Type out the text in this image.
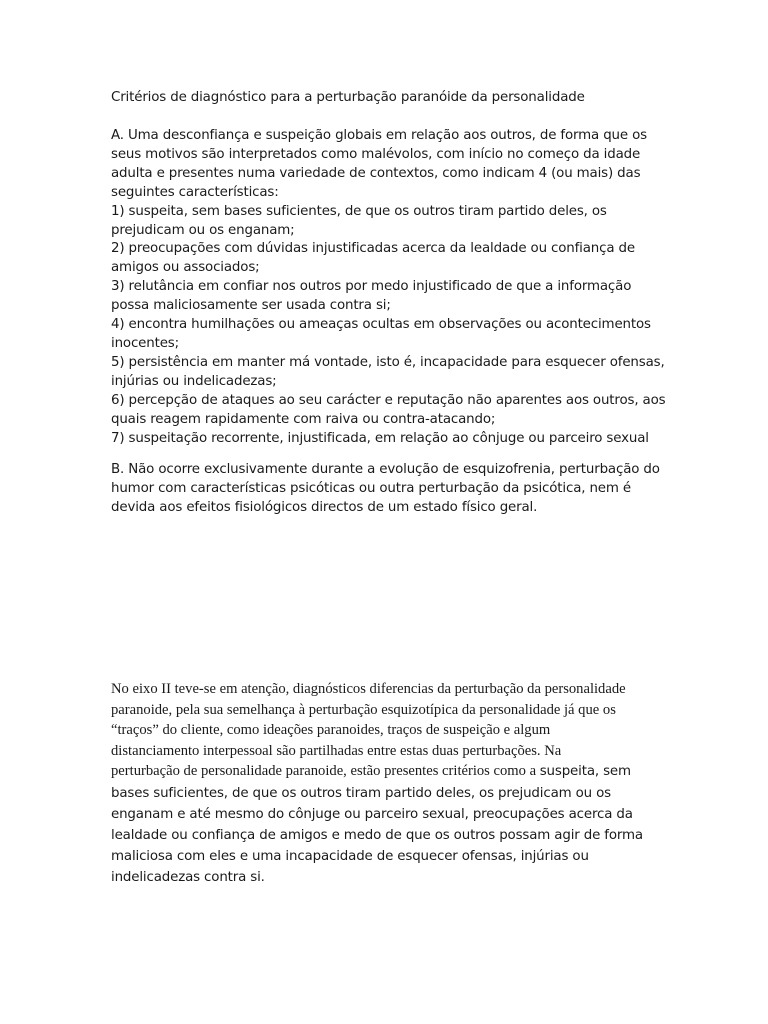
Critérios de diagnóstico para a perturbação paranóide da personalidade
A. Uma desconfiança e suspeição globais em relação aos outros, de forma que os
seus motivos são interpretados como malévolos, com início no começo da idade
adulta e presentes numa variedade de contextos, como indicam 4 (ou mais) das
seguintes características:
1) suspeita, sem bases suficientes, de que os outros tiram partido deles, os
prejudicam ou os enganam;
2) preocupações com dúvidas injustificadas acerca da lealdade ou confiança de
amigos ou associados;
3) relutância em confiar nos outros por medo injustificado de que a informação
possa maliciosamente ser usada contra si;
4) encontra humilhações ou ameaças ocultas em observações ou acontecimentos
inocentes;
5) persistência em manter má vontade, isto é, incapacidade para esquecer ofensas,
injúrias ou indelicadezas;
6) percepção de ataques ao seu carácter e reputação não aparentes aos outros, aos
quais reagem rapidamente com raiva ou contra-atacando;
7) suspeitação recorrente, injustificada, em relação ao cônjuge ou parceiro sexual
B. Não ocorre exclusivamente durante a evolução de esquizofrenia, perturbação do
humor com características psicóticas ou outra perturbação da psicótica, nem é
devida aos efeitos fisiológicos directos de um estado físico geral.
No eixo II teve-se em atenção, diagnósticos diferencias da perturbação da personalidade
paranoide, pela sua semelhança à perturbação esquizotípica da personalidade já que os
“traços” do cliente, como ideações paranoides, traços de suspeição e algum
distanciamento interpessoal são partilhadas entre estas duas perturbações. Na
perturbação de personalidade paranoide, estão presentes critérios como a suspeita, sem
bases suficientes, de que os outros tiram partido deles, os prejudicam ou os
enganam e até mesmo do cônjuge ou parceiro sexual, preocupações acerca da
lealdade ou confiança de amigos e medo de que os outros possam agir de forma
maliciosa com eles e uma incapacidade de esquecer ofensas, injúrias ou
indelicadezas contra si.
